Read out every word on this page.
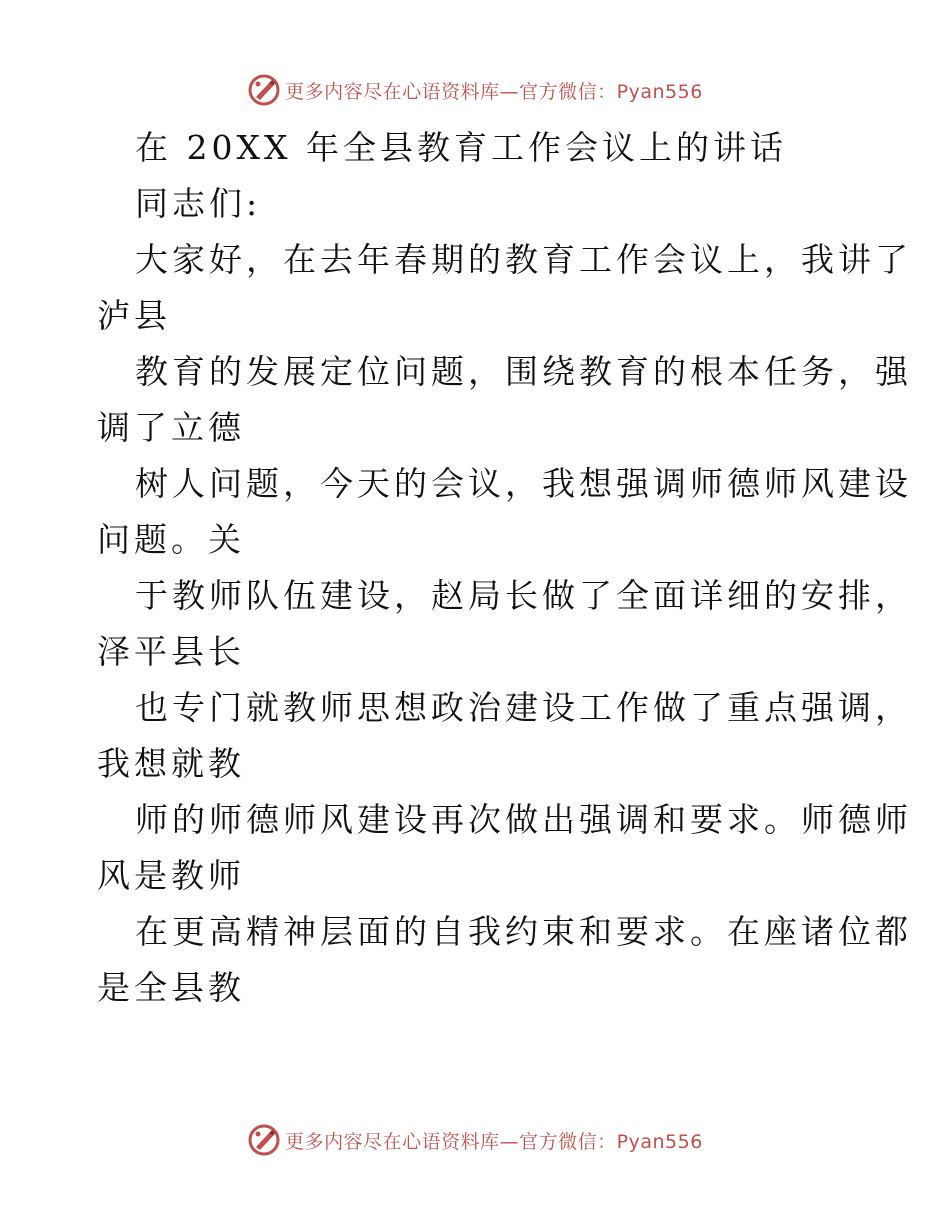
更多内容尽在心语资料库—官方微信：Pyan556
在 20XX 年全县教育工作会议上的讲话
同志们:
大家好，在去年春期的教育工作会议上，我讲了
泸县
教育的发展定位问题，围绕教育的根本任务，强
调了立德
树人问题，今天的会议，我想强调师德师风建设
问题。关
于教师队伍建设，赵局长做了全面详细的安排，
泽平县长
也专门就教师思想政治建设工作做了重点强调，
我想就教
师的师德师风建设再次做出强调和要求。师德师
风是教师
在更高精神层面的自我约束和要求。在座诸位都
是全县教
更多内容尽在心语资料库—官方微信：Pyan556
